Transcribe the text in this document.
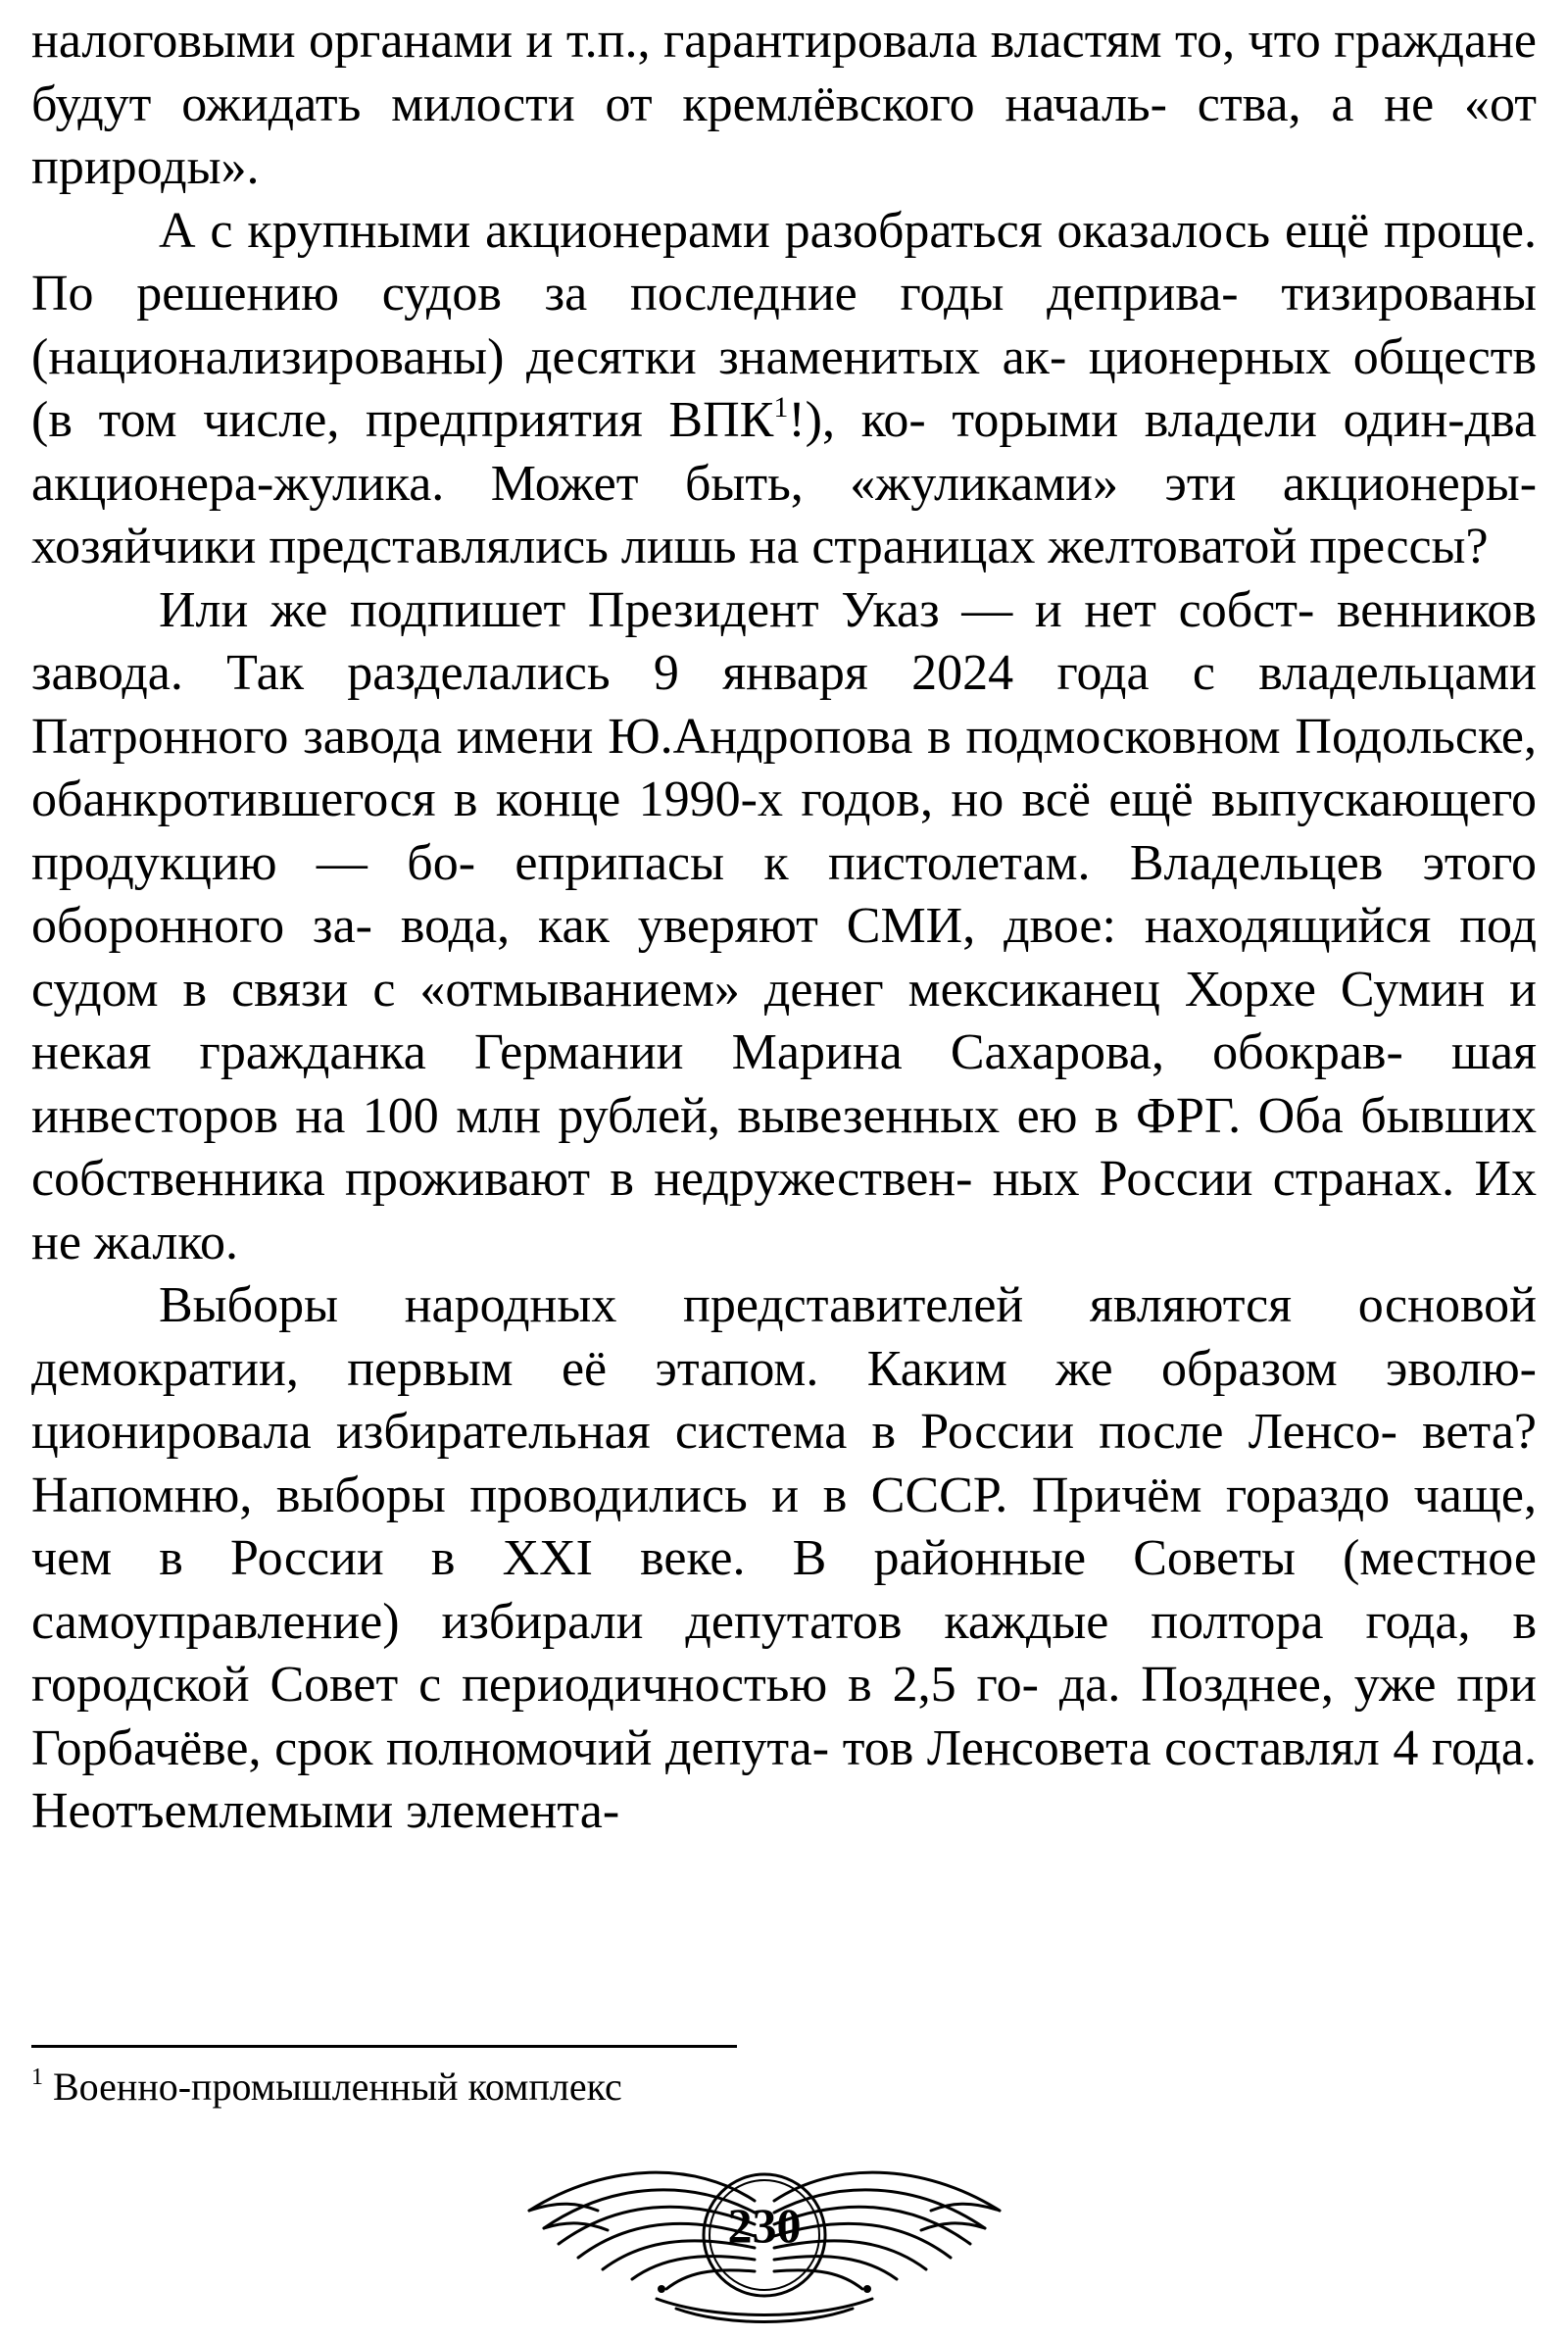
налоговыми органами и т.п., гарантировала властям то, что граждане будут ожидать милости от кремлёвского началь- ства, а не «от природы».

А с крупными акционерами разобраться оказалось ещё проще. По решению судов за последние годы деприва- тизированы (национализированы) десятки знаменитых ак- ционерных обществ (в том числе, предприятия ВПК$^1$!), ко- торыми владели один-два акционера-жулика. Может быть, «жуликами» эти акционеры-хозяйчики представлялись лишь на страницах желтоватой прессы?

Или же подпишет Президент Указ — и нет собст- венников завода. Так разделались 9 января 2024 года с владельцами Патронного завода имени Ю.Андропова в подмосковном Подольске, обанкротившегося в конце 1990-х годов, но всё ещё выпускающего продукцию — бо- еприпасы к пистолетам. Владельцев этого оборонного за- вода, как уверяют СМИ, двое: находящийся под судом в связи с «отмыванием» денег мексиканец Хорхе Сумин и некая гражданка Германии Марина Сахарова, обокрав- шая инвесторов на 100 млн рублей, вывезенных ею в ФРГ. Оба бывших собственника проживают в недружествен- ных России странах. Их не жалко.

Выборы народных представителей являются основой демократии, первым её этапом. Каким же образом эволю- ционировала избирательная система в России после Ленсо- вета? Напомню, выборы проводились и в СССР. Причём гораздо чаще, чем в России в XXI веке. В районные Советы (местное самоуправление) избирали депутатов каждые полтора года, в городской Совет с периодичностью в 2,5 го- да. Позднее, уже при Горбачёве, срок полномочий депута- тов Ленсовета составлял 4 года. Неотъемлемыми элемента-

$^1$ Военно-промышленный комплекс
230
